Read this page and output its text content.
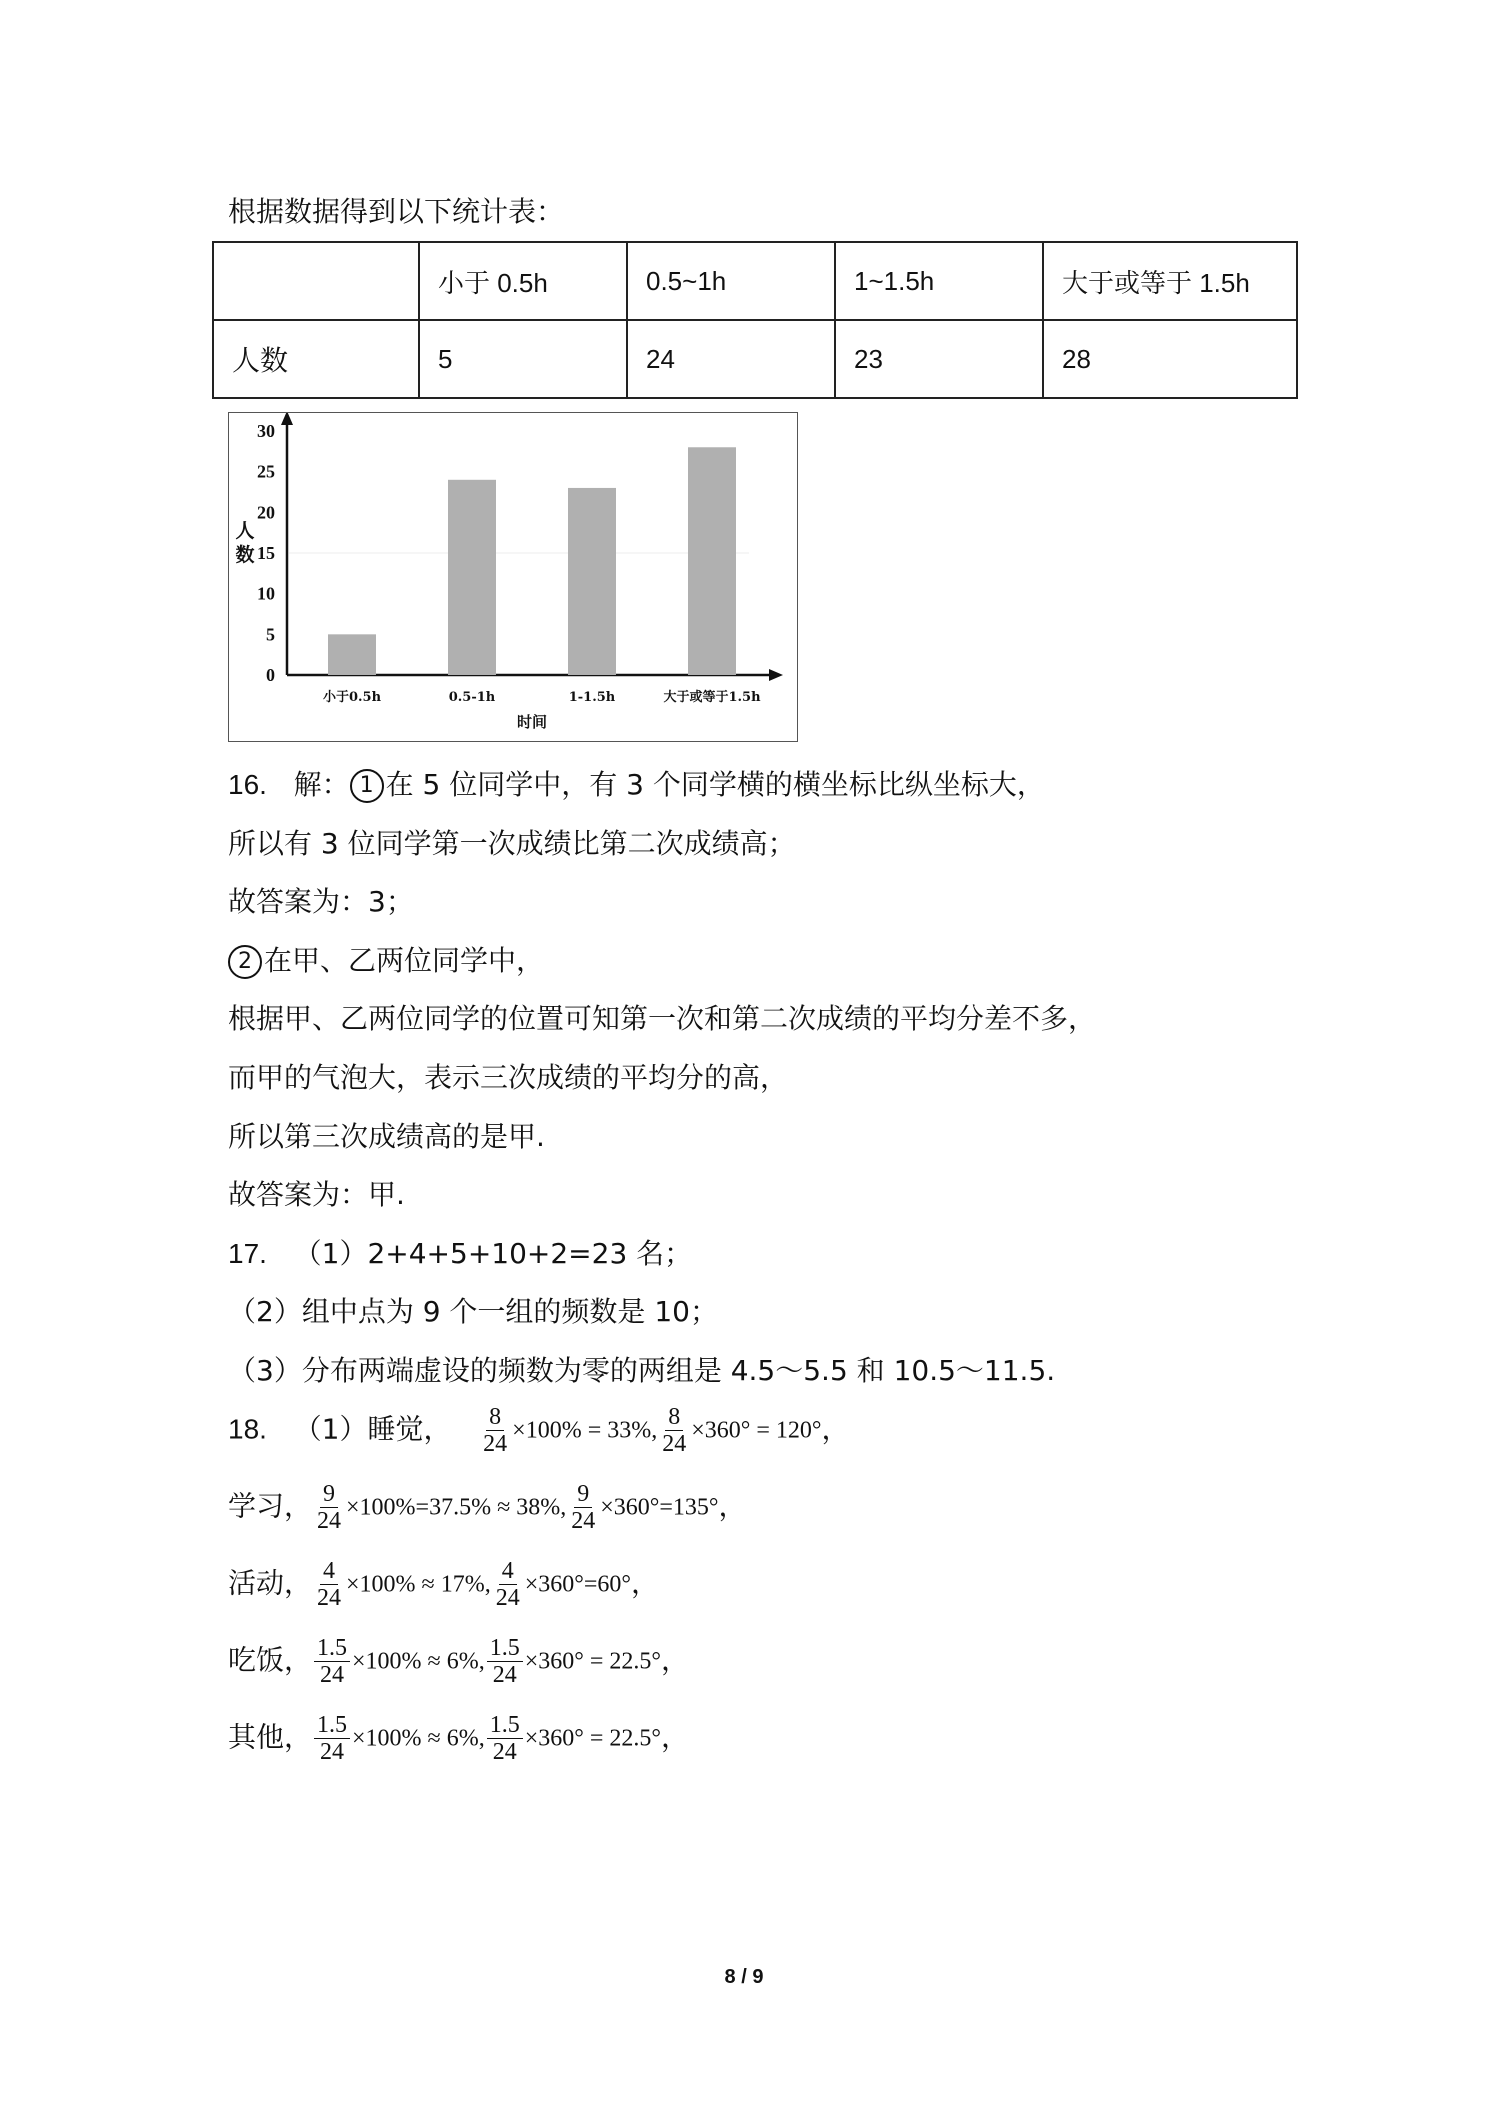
根据数据得到以下统计表：
	小于 0.5h	0.5~1h	1~1.5h	大于或等于 1.5h
人数	5	24	23	28
0
5
10
15
20
25
30
人
数
小于0.5h	0.5-1h	1-1.5h	大于或等于1.5h
时间
16. 解： 1 在 5 位同学中，有 3 个同学横的横坐标比纵坐标大，
所以有 3 位同学第一次成绩比第二次成绩高；
故答案为：3；
2 在甲、乙两位同学中，
根据甲、乙两位同学的位置可知第一次和第二次成绩的平均分差不多，
而甲的气泡大，表示三次成绩的平均分的高，
所以第三次成绩高的是甲.
故答案为：甲.
17. （1）2+4+5+10+2=23 名；
（2）组中点为 9 个一组的频数是 10；
（3）分布两端虚设的频数为零的两组是 4.5～5.5 和 10.5～11.5.
18. （1）睡觉， $\frac{8}{24} \times 100\% = 33\%$, $\frac{8}{24} \times 360^\circ = 120^\circ$，
学习， $\frac{9}{24} \times 100\%=37.5\% \approx 38\%$, $\frac{9}{24} \times 360^\circ=135^\circ$，
活动， $\frac{4}{24} \times 100\% \approx 17\%$, $\frac{4}{24} \times 360^\circ=60^\circ$，
吃饭， $\frac{1.5}{24} \times 100\% \approx 6\%$, $\frac{1.5}{24} \times 360^\circ = 22.5^\circ$，
其他， $\frac{1.5}{24} \times 100\% \approx 6\%$, $\frac{1.5}{24} \times 360^\circ = 22.5^\circ$，
8 / 9
